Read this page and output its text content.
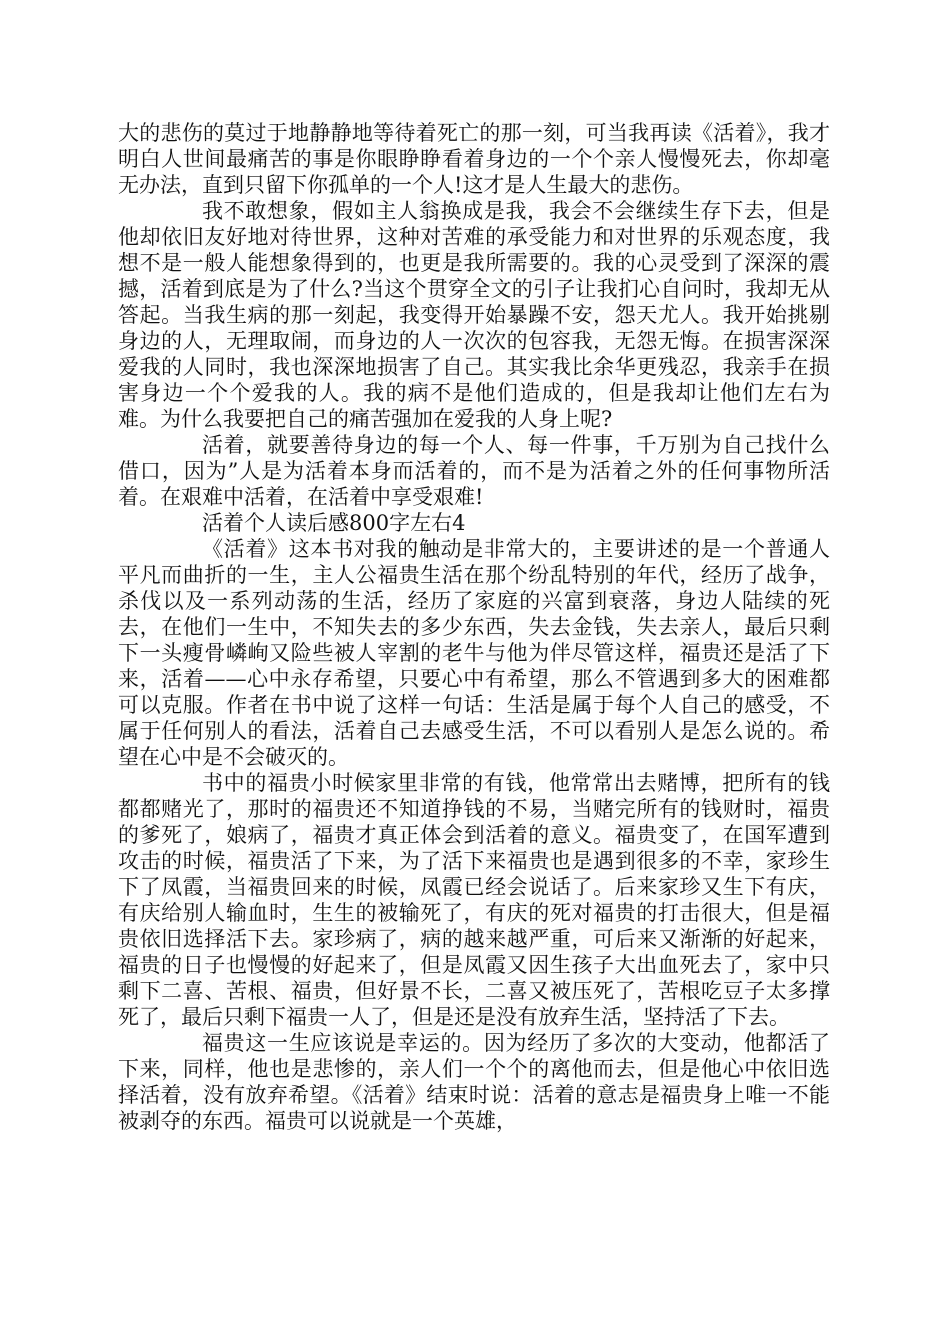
大的悲伤的莫过于地静静地等待着死亡的那一刻，可当我再读《活着》，我才明白人世间最痛苦的事是你眼睁睁看着身边的一个个亲人慢慢死去，你却毫无办法，直到只留下你孤单的一个人!这才是人生最大的悲伤。

我不敢想象，假如主人翁换成是我，我会不会继续生存下去，但是他却依旧友好地对待世界，这种对苦难的承受能力和对世界的乐观态度，我想不是一般人能想象得到的，也更是我所需要的。我的心灵受到了深深的震撼，活着到底是为了什么?当这个贯穿全文的引子让我扪心自问时，我却无从答起。当我生病的那一刻起，我变得开始暴躁不安，怨天尤人。我开始挑剔身边的人，无理取闹，而身边的人一次次的包容我，无怨无悔。在损害深深爱我的人同时，我也深深地损害了自己。其实我比余华更残忍，我亲手在损害身边一个个爱我的人。我的病不是他们造成的，但是我却让他们左右为难。为什么我要把自己的痛苦强加在爱我的人身上呢?

活着，就要善待身边的每一个人、每一件事，千万别为自己找什么借口，因为”人是为活着本身而活着的，而不是为活着之外的任何事物所活着。在艰难中活着，在活着中享受艰难!

活着个人读后感800字左右4

《活着》这本书对我的触动是非常大的，主要讲述的是一个普通人平凡而曲折的一生，主人公福贵生活在那个纷乱特别的年代，经历了战争，杀伐以及一系列动荡的生活，经历了家庭的兴富到衰落，身边人陆续的死去，在他们一生中，不知失去的多少东西，失去金钱，失去亲人，最后只剩下一头瘦骨嶙峋又险些被人宰割的老牛与他为伴尽管这样，福贵还是活了下来，活着——心中永存希望，只要心中有希望，那么不管遇到多大的困难都可以克服。作者在书中说了这样一句话：生活是属于每个人自己的感受，不属于任何别人的看法，活着自己去感受生活，不可以看别人是怎么说的。希望在心中是不会破灭的。

书中的福贵小时候家里非常的有钱，他常常出去赌博，把所有的钱都都赌光了，那时的福贵还不知道挣钱的不易，当赌完所有的钱财时，福贵的爹死了，娘病了，福贵才真正体会到活着的意义。福贵变了，在国军遭到攻击的时候，福贵活了下来，为了活下来福贵也是遇到很多的不幸，家珍生下了凤霞，当福贵回来的时候，凤霞已经会说话了。后来家珍又生下有庆，有庆给别人输血时，生生的被输死了，有庆的死对福贵的打击很大，但是福贵依旧选择活下去。家珍病了，病的越来越严重，可后来又渐渐的好起来，福贵的日子也慢慢的好起来了，但是凤霞又因生孩子大出血死去了，家中只剩下二喜、苦根、福贵，但好景不长，二喜又被压死了，苦根吃豆子太多撑死了，最后只剩下福贵一人了，但是还是没有放弃生活，坚持活了下去。

福贵这一生应该说是幸运的。因为经历了多次的大变动，他都活了下来，同样，他也是悲惨的，亲人们一个个的离他而去，但是他心中依旧选择活着，没有放弃希望。《活着》结束时说：活着的意志是福贵身上唯一不能被剥夺的东西。福贵可以说就是一个英雄，
